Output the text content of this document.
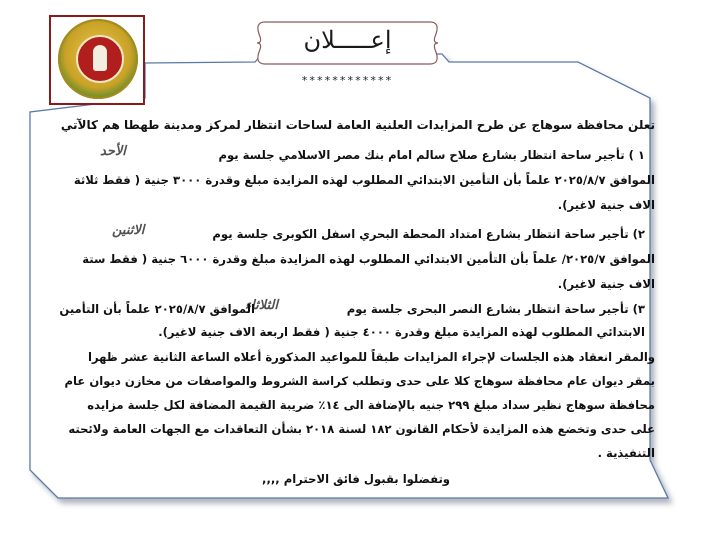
إعـــــلان
************
تعلن محافظة سوهاج عن طرح المزايدات العلنية العامة لساحات انتظار لمركز ومدينة طهطا هم كالآتي
١ ) تأجير ساحة انتظار بشارع صلاح سالم امام بنك مصر الاسلامي جلسة يوم
الأحد
الموافق ٢٠٢٥/٨/٧ علماً بأن التأمين الابتدائي المطلوب لهذه المزايدة مبلغ وقدرة ٣٠٠٠ جنية ( فقط ثلاثة
الاف جنية لاغير).
٢) تأجير ساحة انتظار بشارع امتداد المحطة البحري اسفل الكوبرى جلسة يوم
الاثنين
الموافق ٢٠٢٥/٧/ علماً بأن التأمين الابتدائي المطلوب لهذه المزايدة مبلغ وقدرة ٦٠٠٠ جنية ( فقط ستة
الاف جنية لاغير).
٣) تأجير ساحة انتظار بشارع النصر البحرى جلسة يوم
الثلاثاء
الموافق ٢٠٢٥/٨/٧ علماً بأن التأمين
الابتدائي المطلوب لهذه المزايدة مبلغ وقدرة ٤٠٠٠ جنية ( فقط اربعة الاف جنية لاغير).
والمقر انعقاد هذه الجلسات لإجراء المزايدات طبقاً للمواعيد المذكورة أعلاه الساعة الثانية عشر ظهرا
بمقر ديوان عام محافظة سوهاج كلا على حدى وتطلب كراسة الشروط والمواصفات من مخازن ديوان عام
محافظة سوهاج نظير سداد مبلغ ٢٩٩ جنيه بالإضافة الى ١٤٪ ضريبة القيمة المضافة لكل جلسة مزايده
على حدى وتخضع هذه المزايدة لأحكام القانون ١٨٢ لسنة ٢٠١٨ بشأن التعاقدات مع الجهات العامة ولائحته
التنفيذية .
وتفضلوا بقبول فائق الاحترام ,,,,
